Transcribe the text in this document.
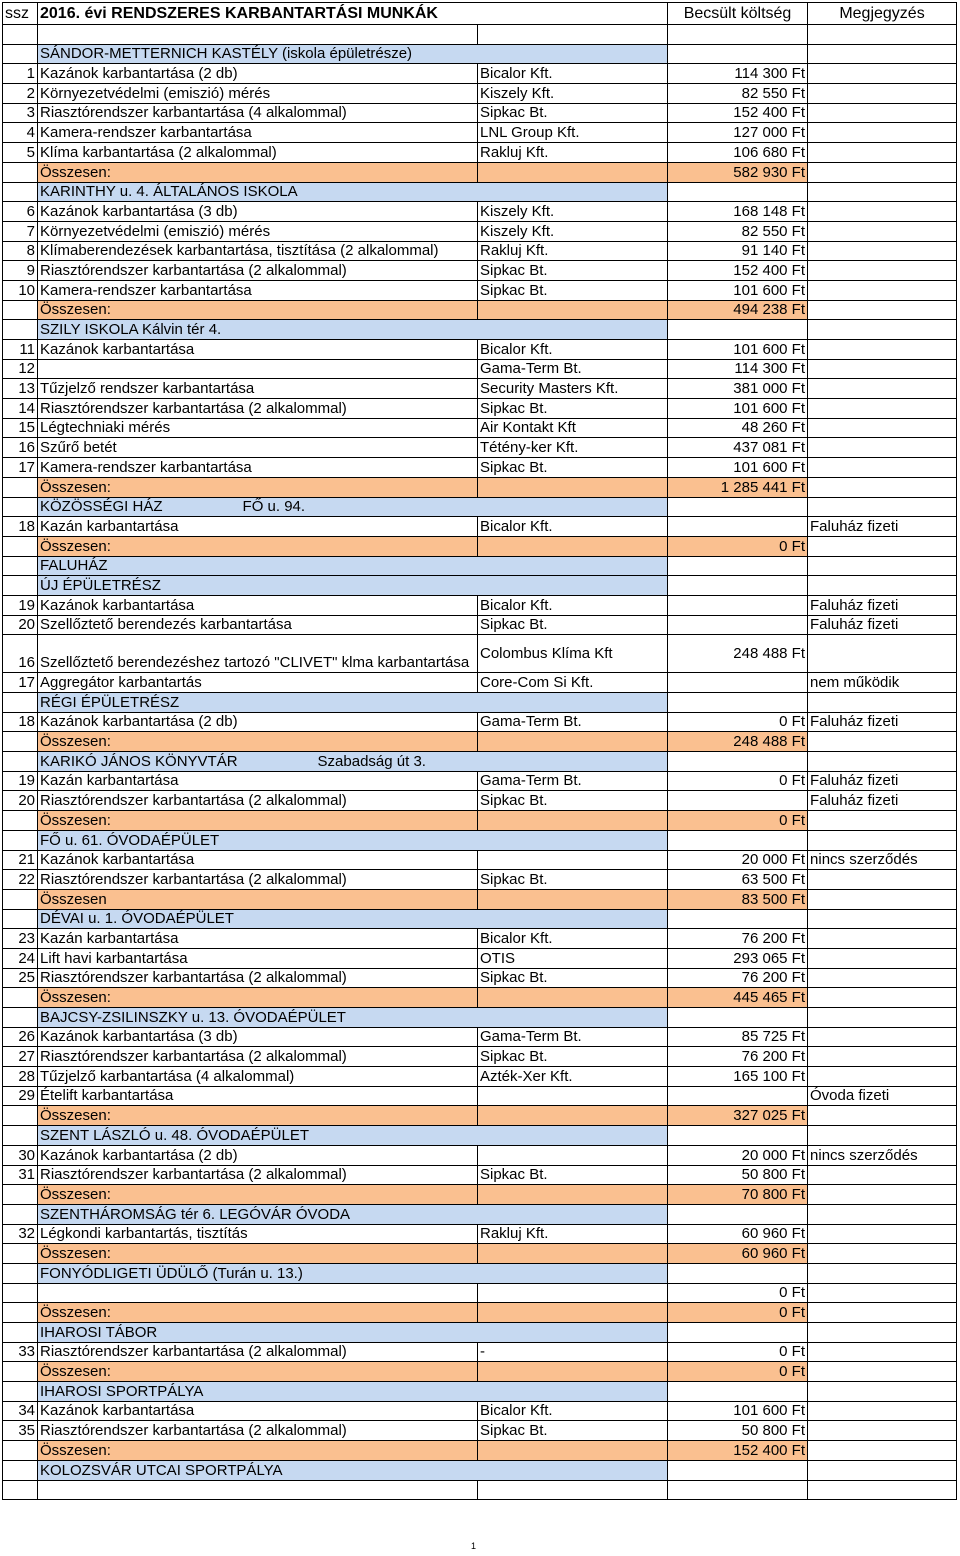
ssz	2016. évi RENDSZERES KARBANTARTÁSI MUNKÁK		Becsült költség	Megjegyzés

	SÁNDOR-METTERNICH KASTÉLY (iskola épületrésze)			
1	Kazánok karbantartása (2 db)	Bicalor Kft.	114 300 Ft	
2	Környezetvédelmi (emiszió) mérés	Kiszely Kft.	82 550 Ft	
3	Riasztórendszer karbantartása (4 alkalommal)	Sipkac Bt.	152 400 Ft	
4	Kamera-rendszer karbantartása	LNL Group Kft.	127 000 Ft	
5	Klíma karbantartása (2 alkalommal)	Rakluj Kft.	106 680 Ft	
	Összesen:		582 930 Ft	
	KARINTHY u. 4. ÁLTALÁNOS ISKOLA			
6	Kazánok karbantartása (3 db)	Kiszely Kft.	168 148 Ft	
7	Környezetvédelmi (emiszió) mérés	Kiszely Kft.	82 550 Ft	
8	Klímaberendezések karbantartása, tisztítása (2 alkalommal)	Rakluj Kft.	91 140 Ft	
9	Riasztórendszer karbantartása (2 alkalommal)	Sipkac Bt.	152 400 Ft	
10	Kamera-rendszer karbantartása	Sipkac Bt.	101 600 Ft	
	Összesen:		494 238 Ft	
	SZILY ISKOLA Kálvin tér 4.			
11	Kazánok karbantartása	Bicalor Kft.	101 600 Ft	
12		Gama-Term Bt.	114 300 Ft	
13	Tűzjelző rendszer karbantartása	Security Masters Kft.	381 000 Ft	
14	Riasztórendszer karbantartása (2 alkalommal)	Sipkac Bt.	101 600 Ft	
15	Légtechniaki mérés	Air Kontakt Kft	48 260 Ft	
16	Szűrő betét	Tétény-ker Kft.	437 081 Ft	
17	Kamera-rendszer karbantartása	Sipkac Bt.	101 600 Ft	
	Összesen:		1 285 441 Ft	
	KÖZÖSSÉGI HÁZ FŐ u. 94.			
18	Kazán karbantartása	Bicalor Kft.		Faluház fizeti
	Összesen:		0 Ft	
	FALUHÁZ			
	ÚJ ÉPÜLETRÉSZ			
19	Kazánok karbantartása	Bicalor Kft.		Faluház fizeti
20	Szellőztető berendezés karbantartása	Sipkac Bt.		Faluház fizeti
16	Szellőztető berendezéshez tartozó "CLIVET" klma karbantartása	Colombus Klíma Kft	248 488 Ft	
17	Aggregátor karbantartás	Core-Com Si Kft.		nem működik
	RÉGI ÉPÜLETRÉSZ			
18	Kazánok karbantartása (2 db)	Gama-Term Bt.	0 Ft	Faluház fizeti
	Összesen:		248 488 Ft	
	KARIKÓ JÁNOS KÖNYVTÁR Szabadság út 3.			
19	Kazán karbantartása	Gama-Term Bt.	0 Ft	Faluház fizeti
20	Riasztórendszer karbantartása (2 alkalommal)	Sipkac Bt.		Faluház fizeti
	Összesen:		0 Ft	
	FŐ u. 61. ÓVODAÉPÜLET			
21	Kazánok karbantartása		20 000 Ft	nincs szerződés
22	Riasztórendszer karbantartása (2 alkalommal)	Sipkac Bt.	63 500 Ft	
	Összesen		83 500 Ft	
	DÉVAI u. 1. ÓVODAÉPÜLET			
23	Kazán karbantartása	Bicalor Kft.	76 200 Ft	
24	Lift havi karbantartása	OTIS	293 065 Ft	
25	Riasztórendszer karbantartása (2 alkalommal)	Sipkac Bt.	76 200 Ft	
	Összesen:		445 465 Ft	
	BAJCSY-ZSILINSZKY u. 13. ÓVODAÉPÜLET			
26	Kazánok karbantartása (3 db)	Gama-Term Bt.	85 725 Ft	
27	Riasztórendszer karbantartása (2 alkalommal)	Sipkac Bt.	76 200 Ft	
28	Tűzjelző karbantartása (4 alkalommal)	Azték-Xer Kft.	165 100 Ft	
29	Ételift karbantartása			Óvoda fizeti
	Összesen:		327 025 Ft	
	SZENT LÁSZLÓ u. 48. ÓVODAÉPÜLET			
30	Kazánok karbantartása (2 db)		20 000 Ft	nincs szerződés
31	Riasztórendszer karbantartása (2 alkalommal)	Sipkac Bt.	50 800 Ft	
	Összesen:		70 800 Ft	
	SZENTHÁROMSÁG tér 6. LEGÓVÁR ÓVODA			
32	Légkondi karbantartás, tisztítás	Rakluj Kft.	60 960 Ft	
	Összesen:		60 960 Ft	
	FONYÓDLIGETI ÜDÜLŐ (Turán u. 13.)			
			0 Ft	
	Összesen:		0 Ft	
	IHAROSI TÁBOR			
33	Riasztórendszer karbantartása (2 alkalommal)	-	0 Ft	
	Összesen:		0 Ft	
	IHAROSI SPORTPÁLYA			
34	Kazánok karbantartása	Bicalor Kft.	101 600 Ft	
35	Riasztórendszer karbantartása (2 alkalommal)	Sipkac Bt.	50 800 Ft	
	Összesen:		152 400 Ft	
	KOLOZSVÁR UTCAI SPORTPÁLYA			

1
